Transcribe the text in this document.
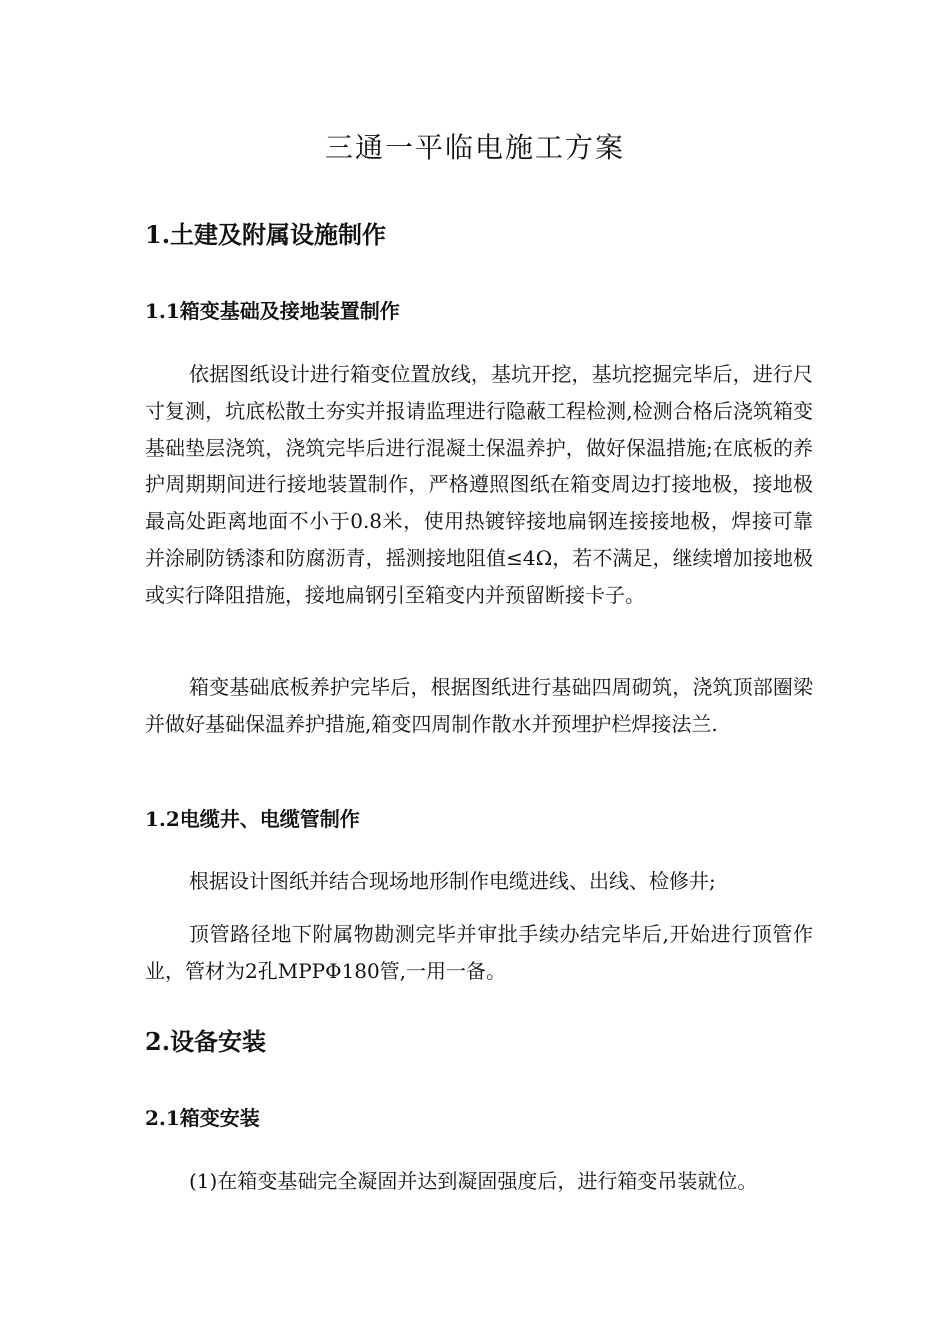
三通一平临电施工方案
1.土建及附属设施制作
1.1箱变基础及接地装置制作

依据图纸设计进行箱变位置放线，基坑开挖，基坑挖掘完毕后，进行尺寸复测，坑底松散土夯实并报请监理进行隐蔽工程检测,检测合格后浇筑箱变基础垫层浇筑，浇筑完毕后进行混凝土保温养护，做好保温措施;在底板的养护周期期间进行接地装置制作，严格遵照图纸在箱变周边打接地极，接地极最高处距离地面不小于0.8米，使用热镀锌接地扁钢连接接地极，焊接可靠并涂刷防锈漆和防腐沥青，摇测接地阻值≤4Ω，若不满足，继续增加接地极或实行降阻措施，接地扁钢引至箱变内并预留断接卡子。

箱变基础底板养护完毕后，根据图纸进行基础四周砌筑，浇筑顶部圈梁并做好基础保温养护措施,箱变四周制作散水并预埋护栏焊接法兰.

1.2电缆井、电缆管制作

根据设计图纸并结合现场地形制作电缆进线、出线、检修井;

顶管路径地下附属物勘测完毕并审批手续办结完毕后,开始进行顶管作业，管材为2孔MPPΦ180管,一用一备。

2.设备安装
2.1箱变安装

(1)在箱变基础完全凝固并达到凝固强度后，进行箱变吊装就位。
